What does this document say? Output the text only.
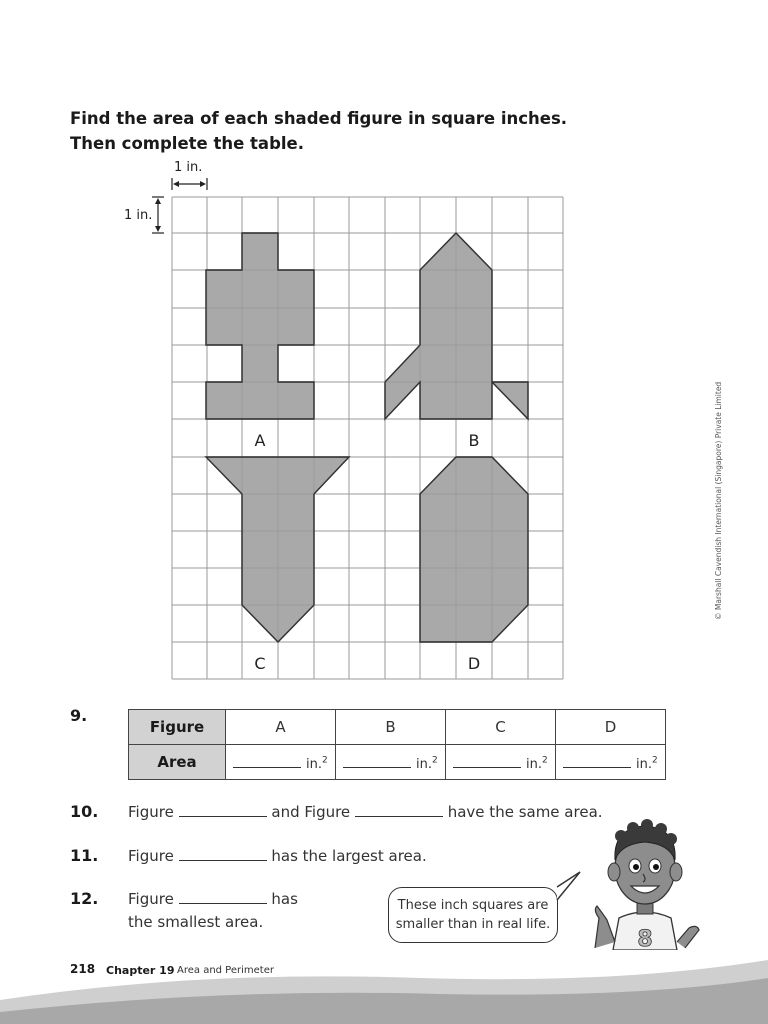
Find the area of each shaded figure in square inches.
Then complete the table.
1 in.
1 in.
A	B
C	D
© Marshall Cavendish International (Singapore) Private Limited
9.
Figure	A	B	C	D
Area	in.$^2$	in.$^2$	in.$^2$	in.$^2$
10. Figure	and Figure	have the same area.
11. Figure	has the largest area.
12. Figure	has
the smallest area.
These inch squares are
smaller than in real life.
8
218 Chapter 19 Area and Perimeter
